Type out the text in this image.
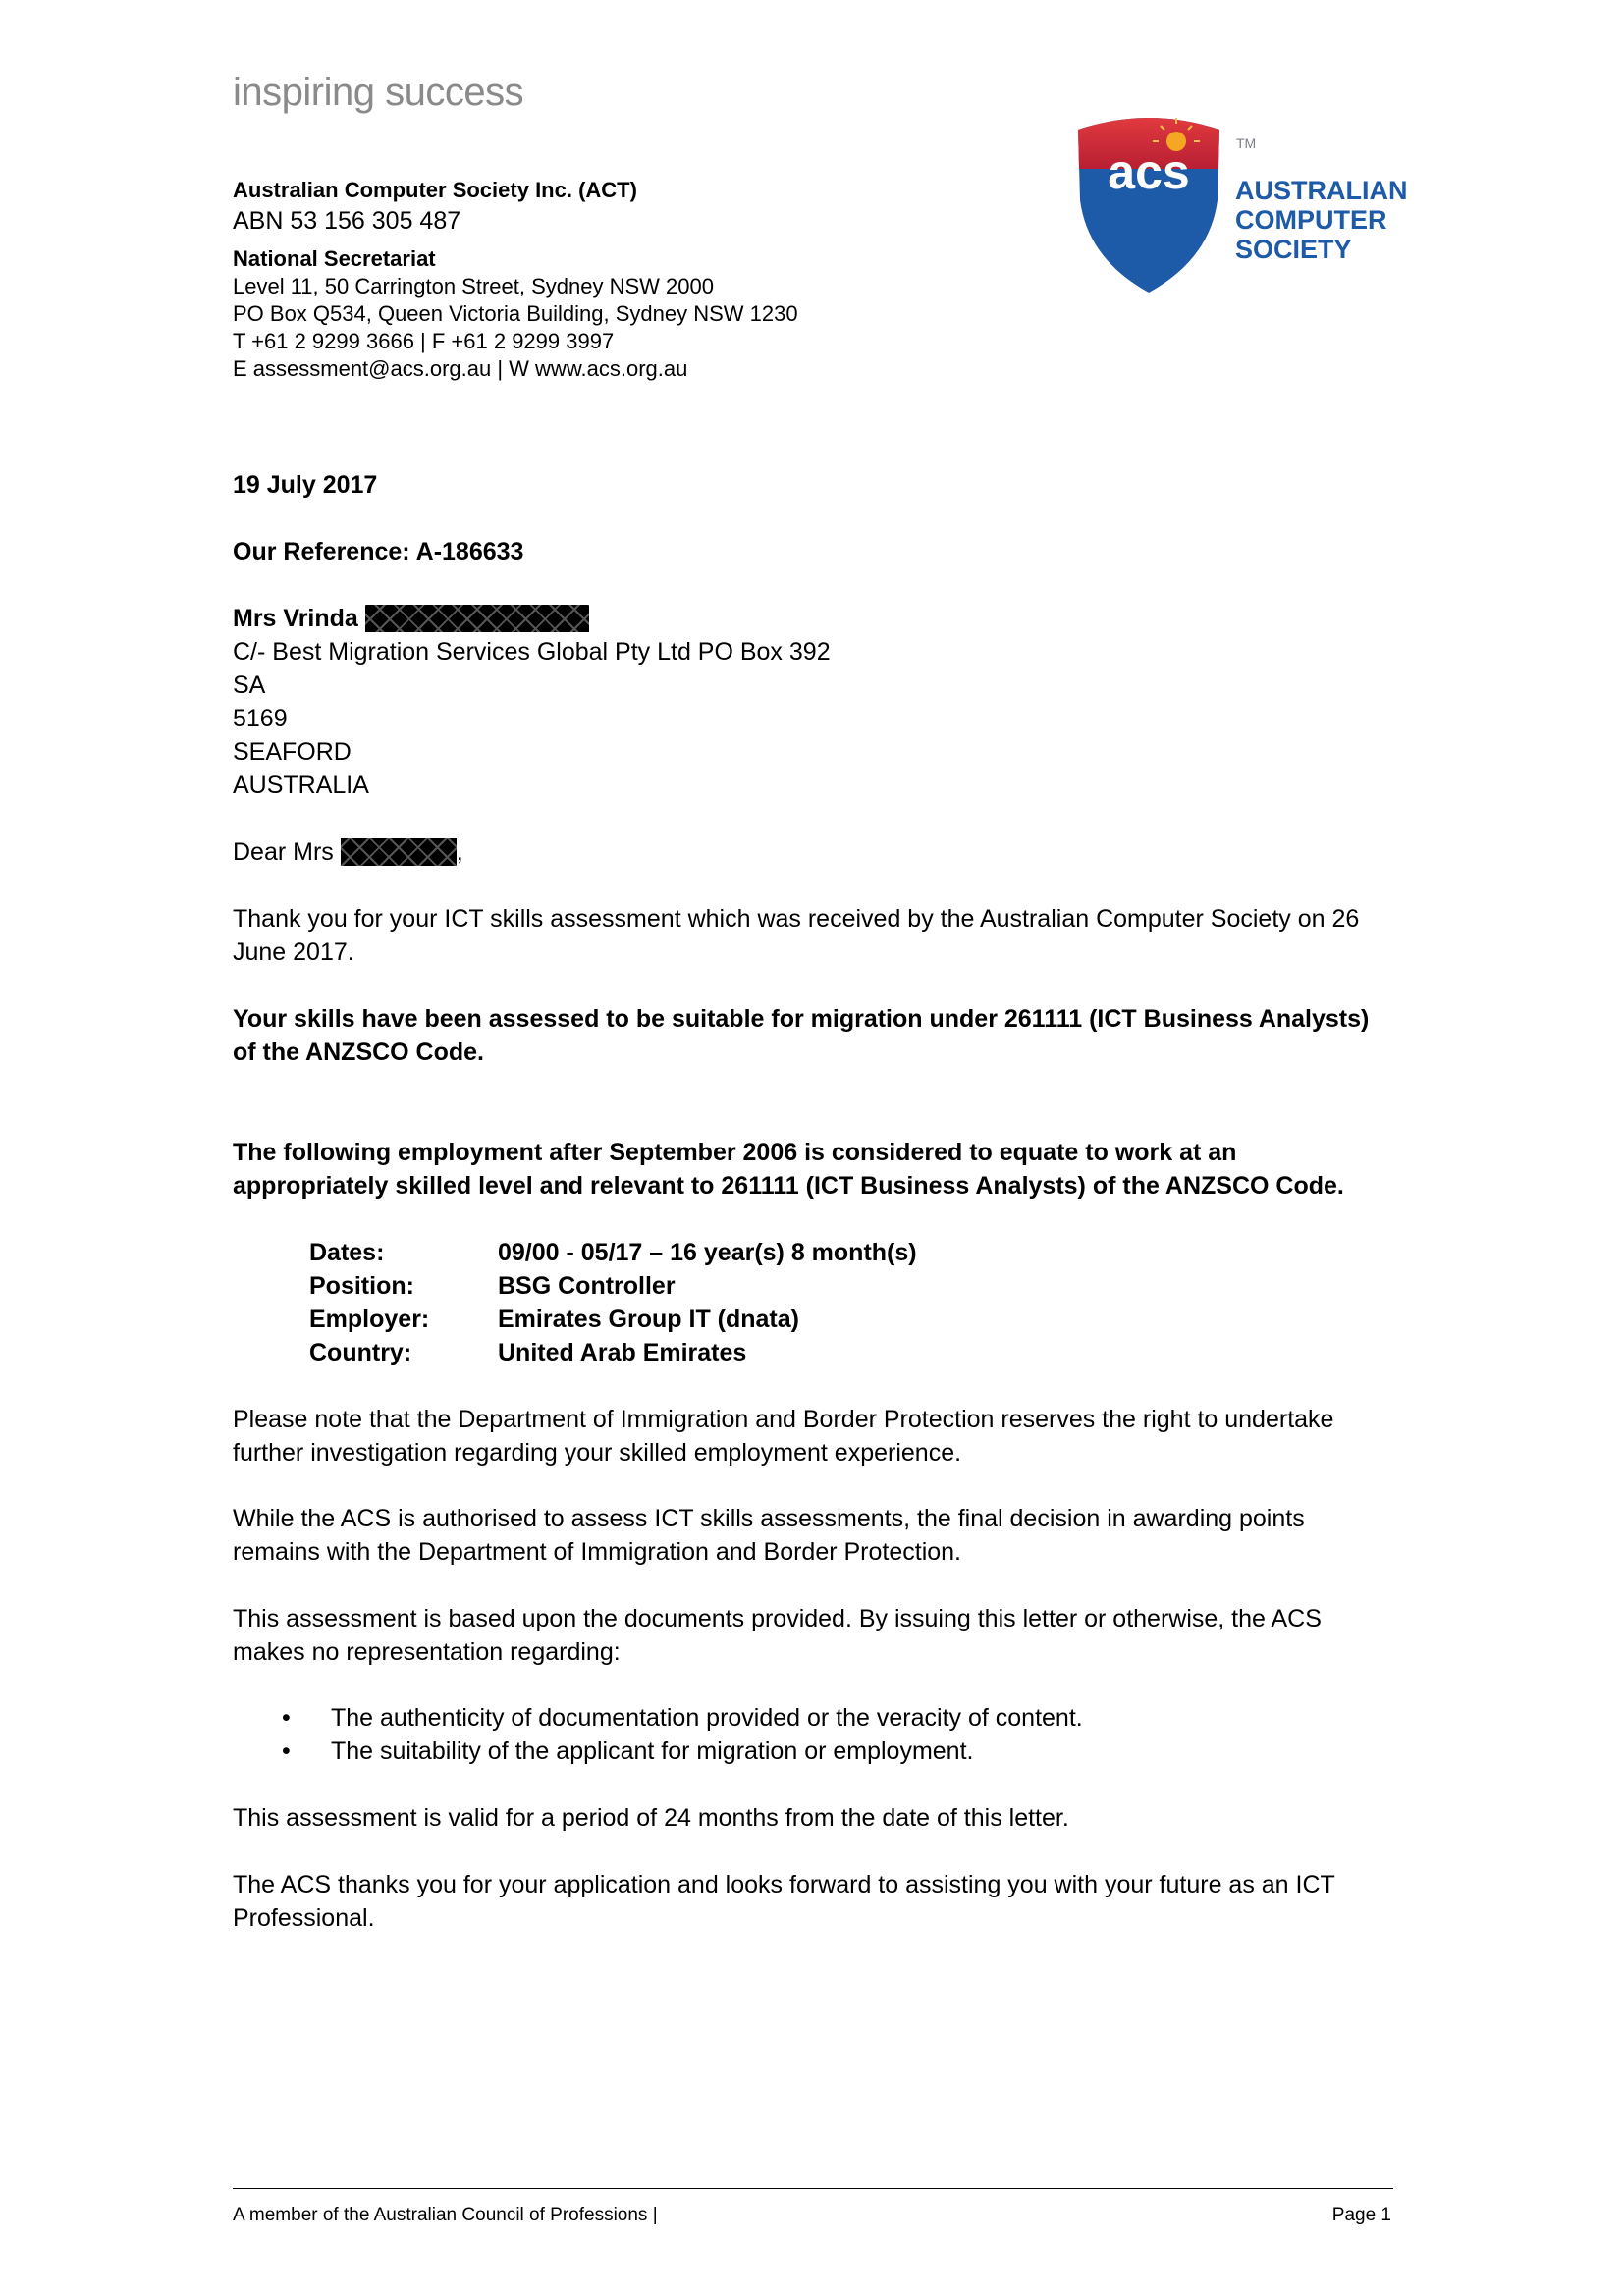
inspiring success
Australian Computer Society Inc. (ACT)
ABN 53 156 305 487
National Secretariat
Level 11, 50 Carrington Street, Sydney NSW 2000
PO Box Q534, Queen Victoria Building, Sydney NSW 1230
T +61 2 9299 3666 | F +61 2 9299 3997
E assessment@acs.org.au | W www.acs.org.au
acs
TM
AUSTRALIAN
COMPUTER
SOCIETY
19 July 2017
Our Reference: A-186633
Mrs Vrinda
C/- Best Migration Services Global Pty Ltd PO Box 392
SA
5169
SEAFORD
AUSTRALIA
Dear Mrs	,
Thank you for your ICT skills assessment which was received by the Australian Computer Society on 26 June 2017.
Your skills have been assessed to be suitable for migration under 261111 (ICT Business Analysts) of the ANZSCO Code.
The following employment after September 2006 is considered to equate to work at an appropriately skilled level and relevant to 261111 (ICT Business Analysts) of the ANZSCO Code.
Dates:	09/00 - 05/17 – 16 year(s) 8 month(s)
Position:	BSG Controller
Employer:	Emirates Group IT (dnata)
Country:	United Arab Emirates
Please note that the Department of Immigration and Border Protection reserves the right to undertake further investigation regarding your skilled employment experience.
While the ACS is authorised to assess ICT skills assessments, the final decision in awarding points remains with the Department of Immigration and Border Protection.
This assessment is based upon the documents provided. By issuing this letter or otherwise, the ACS makes no representation regarding:
• The authenticity of documentation provided or the veracity of content.
• The suitability of the applicant for migration or employment.
This assessment is valid for a period of 24 months from the date of this letter.
The ACS thanks you for your application and looks forward to assisting you with your future as an ICT Professional.
A member of the Australian Council of Professions |	Page 1
